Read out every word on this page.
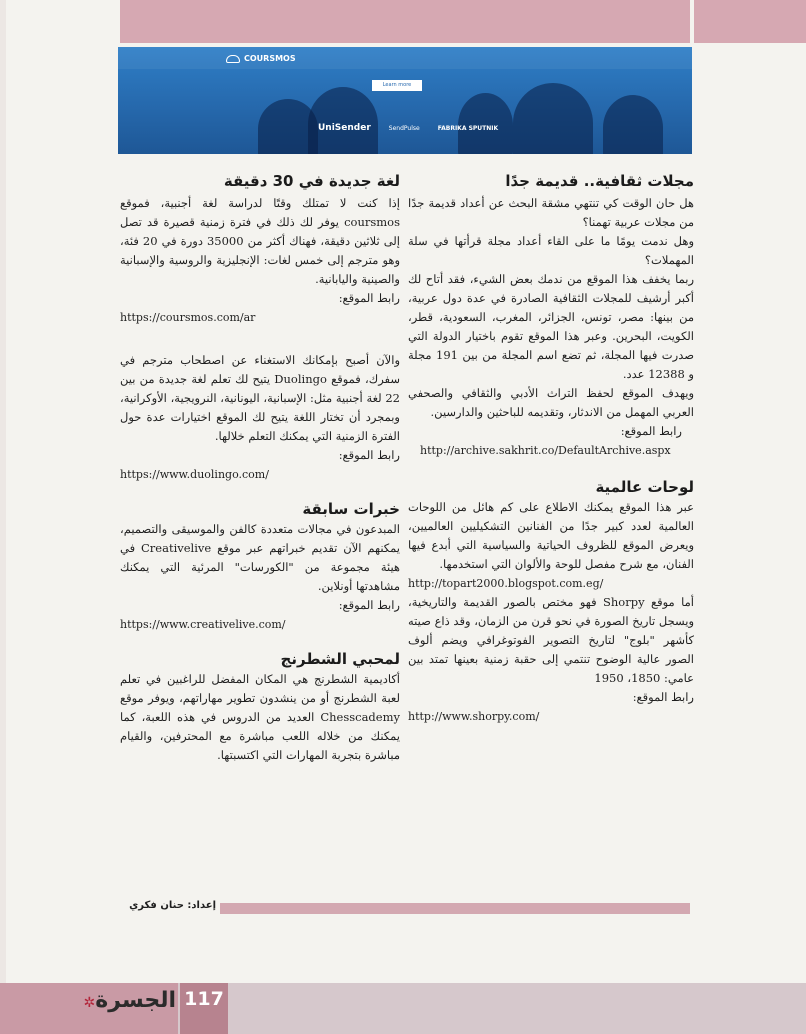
COURSMOS
Learn more
UniSender	SendPulse	FABRIKA SPUTNIK
مجلات ثقافية.. قديمة جدًا

هل حان الوقت كي تنتهي مشقة البحث عن أعداد قديمة جدًا من مجلات عربية تهمنا؟

وهل ندمت يومًا ما على القاء أعداد مجلة قرأتها في سلة المهملات؟

ربما يخفف هذا الموقع من ندمك بعض الشيء، فقد أتاح لك أكبر أرشيف للمجلات الثقافية الصادرة في عدة دول عربية، من بينها: مصر، تونس، الجزائر، المغرب، السعودية، قطر، الكويت، البحرين. وعبر هذا الموقع تقوم باختيار الدولة التي صدرت فيها المجلة، ثم تضع اسم المجلة من بين 191 مجلة و 12388 عدد.

ويهدف الموقع لحفظ التراث الأدبي والثقافي والصحفي العربي المهمل من الاندثار، وتقديمه للباحثين والدارسين.

رابط الموقع:

http://archive.sakhrit.co/DefaultArchive.aspx

لوحات عالمية

عبر هذا الموقع يمكنك الاطلاع على كم هائل من اللوحات العالمية لعدد كبير جدًا من الفنانين التشكيليين العالميين، ويعرض الموقع للظروف الحياتية والسياسية التي أبدع فيها الفنان، مع شرح مفصل للوحة والألوان التي استخدمها.

http://topart2000.blogspot.com.eg/

أما موقع Shorpy فهو مختص بالصور القديمة والتاريخية، ويسجل تاريخ الصورة في نحو قرن من الزمان، وقد ذاع صيته كأشهر "بلوج" لتاريخ التصوير الفوتوغرافي ويضم ألوف الصور عالية الوضوح تنتمي إلى حقبة زمنية بعينها تمتد بين عامي: 1850، 1950

رابط الموقع:

http://www.shorpy.com/

لغة جديدة في 30 دقيقة

إذا كنت لا تمتلك وقتًا لدراسة لغة أجنبية، فموقع coursmos يوفر لك ذلك في فترة زمنية قصيرة قد تصل إلى ثلاثين دقيقة، فهناك أكثر من 35000 دورة في 20 فئة، وهو مترجم إلى خمس لغات: الإنجليزية والروسية والإسبانية والصينية واليابانية.

رابط الموقع:

https://coursmos.com/ar

والآن أصبح بإمكانك الاستغناء عن اصطحاب مترجم في سفرك، فموقع Duolingo يتيح لك تعلم لغة جديدة من بين 22 لغة أجنبية مثل: الإسبانية، اليونانية، النرويجية، الأوكرانية، وبمجرد أن تختار اللغة يتيح لك الموقع اختيارات عدة حول الفترة الزمنية التي يمكنك التعلم خلالها.

رابط الموقع:

https://www.duolingo.com/

خبرات سابقة

المبدعون في مجالات متعددة كالفن والموسيقى والتصميم، يمكنهم الآن تقديم خبراتهم عبر موقع Creativelive في هيئة مجموعة من "الكورسات" المرئية التي يمكنك مشاهدتها أونلاين.

رابط الموقع:

https://www.creativelive.com/

لمحبي الشطرنج

أكاديمية الشطرنج هي المكان المفضل للراغبين في تعلم لعبة الشطرنج أو من ينشدون تطوير مهاراتهم، ويوفر موقع Chesscademy العديد من الدروس في هذه اللعبة، كما يمكنك من خلاله اللعب مباشرة مع المحترفين، والقيام مباشرة بتجربة المهارات التي اكتسبتها.

إعداد: حنان فكري
117
الجسرة✲
